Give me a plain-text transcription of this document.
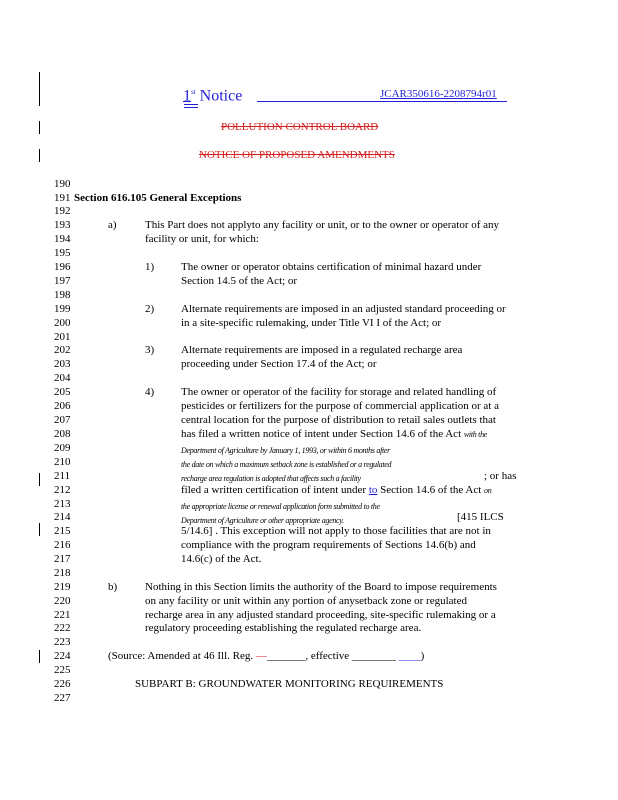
1st Notice	JCAR350616-2208794r01
POLLUTION CONTROL BOARD
NOTICE OF PROPOSED AMENDMENTS
190
191
192
193
194
195
196
197
198
199
200
201
202
203
204
205
206
207
208
209
210
211
212
213
214
215
216
217
218
219
220
221
222
223
224
225
226
227
Section 616.105 General Exceptions
a)	This Part does not applyto any facility or unit, or to the owner or operator of any
facility or unit, for which:
1) The owner or operator obtains certification of minimal hazard under
Section 14.5 of the Act; or
2) Alternate requirements are imposed in an adjusted standard proceeding or
in a site-specific rulemaking, under Title VI I of the Act; or
3) Alternate requirements are imposed in a regulated recharge area
proceeding under Section 17.4 of the Act; or
4) The owner or operator of the facility for storage and related handling of
pesticides or fertilizers for the purpose of commercial application or at a
central location for the purpose of distribution to retail sales outlets that
has filed a written notice of intent under Section 14.6 of the Act with the
Department of Agriculture by January 1, 1993, or within 6 months after
the date on which a maximum setback zone is established or a regulated
recharge area regulation is adopted that affects such a facility	; or has
filed a written certification of intent under to Section 14.6 of the Act on
the appropriate license or renewal application form submitted to the
Department of Agriculture or other appropriate agency.	[415 ILCS
5/14.6] . This exception will not apply to those facilities that are not in
compliance with the program requirements of Sections 14.6(b) and
14.6(c) of the Act.
b)	Nothing in this Section limits the authority of the Board to impose requirements
on any facility or unit within any portion of anysetback zone or regulated
recharge area in any adjusted standard proceeding, site-specific rulemaking or a
regulatory proceeding establishing the regulated recharge area.
(Source: Amended at 46 Ill. Reg. —_______, effective ________ ____)
SUBPART B: GROUNDWATER MONITORING REQUIREMENTS
